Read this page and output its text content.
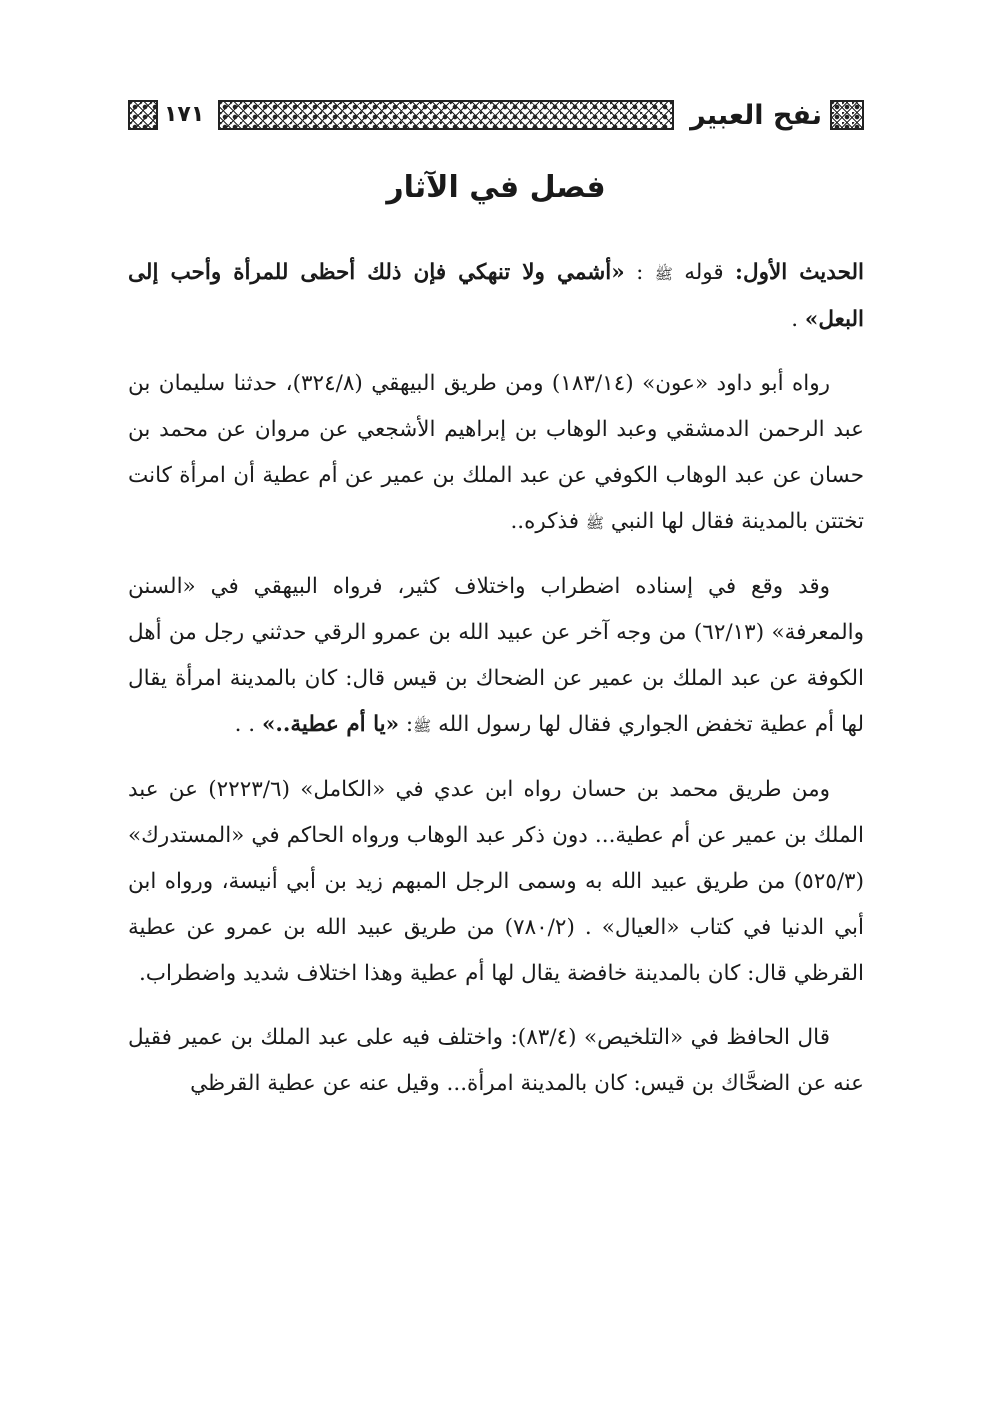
نفح العبير
١٧١
فصل في الآثار

الحديث الأول: قوله ﷺ : «أشمي ولا تنهكي فإن ذلك أحظى للمرأة وأحب إلى البعل» .

رواه أبو داود «عون» (١٨٣/١٤) ومن طريق البيهقي (٣٢٤/٨)، حدثنا سليمان بن عبد الرحمن الدمشقي وعبد الوهاب بن إبراهيم الأشجعي عن مروان عن محمد بن حسان عن عبد الوهاب الكوفي عن عبد الملك بن عمير عن أم عطية أن امرأة كانت تختتن بالمدينة فقال لها النبي ﷺ فذكره..

وقد وقع في إسناده اضطراب واختلاف كثير، فرواه البيهقي في «السنن والمعرفة» (٦٢/١٣) من وجه آخر عن عبيد الله بن عمرو الرقي حدثني رجل من أهل الكوفة عن عبد الملك بن عمير عن الضحاك بن قيس قال: كان بالمدينة امرأة يقال لها أم عطية تخفض الجواري فقال لها رسول الله ﷺ: «يا أم عطية..» . .

ومن طريق محمد بن حسان رواه ابن عدي في «الكامل» (٢٢٢٣/٦) عن عبد الملك بن عمير عن أم عطية... دون ذكر عبد الوهاب ورواه الحاكم في «المستدرك» (٥٢٥/٣) من طريق عبيد الله به وسمى الرجل المبهم زيد بن أبي أنيسة، ورواه ابن أبي الدنيا في كتاب «العيال» . (٧٨٠/٢) من طريق عبيد الله بن عمرو عن عطية القرظي قال: كان بالمدينة خافضة يقال لها أم عطية وهذا اختلاف شديد واضطراب.

قال الحافظ في «التلخيص» (٨٣/٤): واختلف فيه على عبد الملك بن عمير فقيل عنه عن الضحَّاك بن قيس: كان بالمدينة امرأة... وقيل عنه عن عطية القرظي
